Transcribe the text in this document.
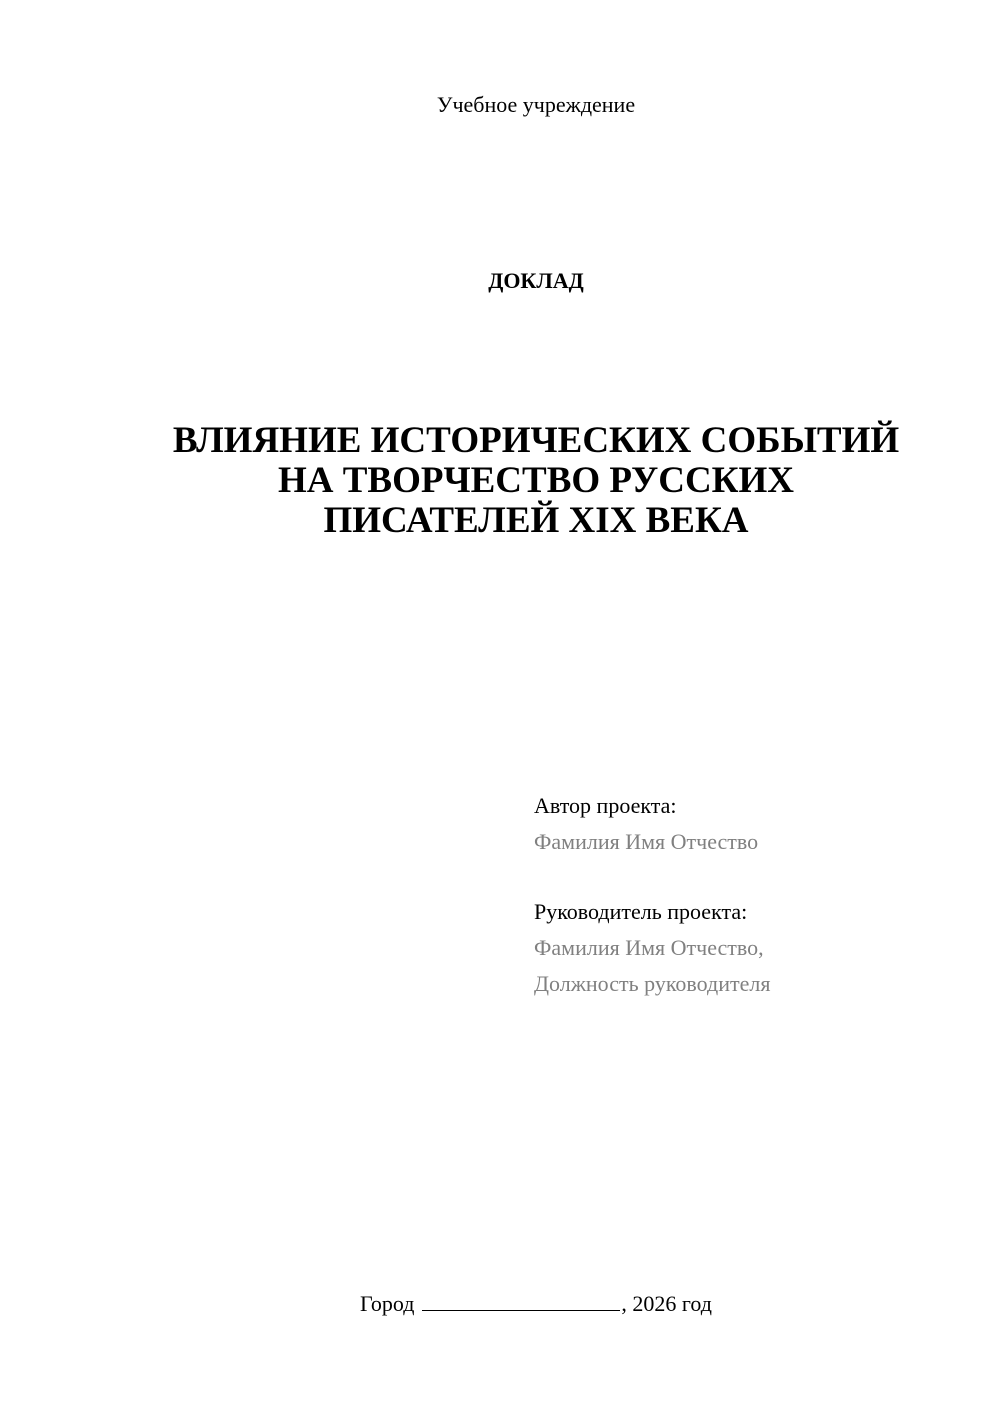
Учебное учреждение
ДОКЛАД
ВЛИЯНИЕ ИСТОРИЧЕСКИХ СОБЫТИЙ
НА ТВОРЧЕСТВО РУССКИХ
ПИСАТЕЛЕЙ XIX ВЕКА
Автор проекта:
Фамилия Имя Отчество
Руководитель проекта:
Фамилия Имя Отчество,
Должность руководителя
Город	, 2026 год
